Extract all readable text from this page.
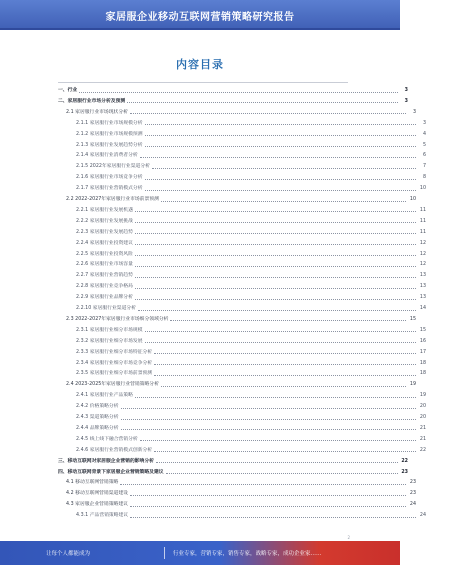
家居服企业移动互联网营销策略研究报告
内容目录
一、行业	3
二、家居服行业市场分析及预测	3
2.1 家居服行业市场现状分析	3
2.1.1 家居服行业市场规模分析	3
2.1.2 家居服行业市场规模预测	4
2.1.3 家居服行业发展趋势分析	5
2.1.4 家居服行业消费者分析	6
2.1.5 2022年家居服行业渠道分析	7
2.1.6 家居服行业市场竞争分析	8
2.1.7 家居服行业营销模式分析	10
2.2 2022-2027年家居服行业市场前景预测	10
2.2.1 家居服行业发展机遇	11
2.2.2 家居服行业发展挑战	11
2.2.3 家居服行业发展趋势	11
2.2.4 家居服行业投资建议	12
2.2.5 家居服行业投资风险	12
2.2.6 家居服行业市场容量	12
2.2.7 家居服行业营销趋势	13
2.2.8 家居服行业竞争格局	13
2.2.9 家居服行业品牌分析	13
2.2.10 家居服行业渠道分析	14
2.3 2022-2027年家居服行业市场细分领域分析	15
2.3.1 家居服行业细分市场规模	15
2.3.2 家居服行业细分市场发展	16
2.3.3 家居服行业细分市场特征分析	17
2.3.4 家居服行业细分市场竞争分析	18
2.3.5 家居服行业细分市场前景预测	18
2.4 2023-2025年家居服行业营销策略分析	19
2.4.1 家居服行业产品策略	19
2.4.2 价格策略分析	20
2.4.3 渠道策略分析	20
2.4.4 品牌策略分析	21
2.4.5 线上线下融合营销分析	21
2.4.6 家居服行业营销模式创新分析	22
三、移动互联网对家居服企业营销的影响分析	22
四、移动互联网背景下家居服企业营销策略及建议	23
4.1 移动互联网营销策略	23
4.2 移动互联网营销渠道建设	23
4.3 家居服企业营销策略建议	24
4.3.1 产品营销策略建议	24
2
让每个人都能成为	行业专家，营销专家，销售专家，战略专家，成功企业家……
